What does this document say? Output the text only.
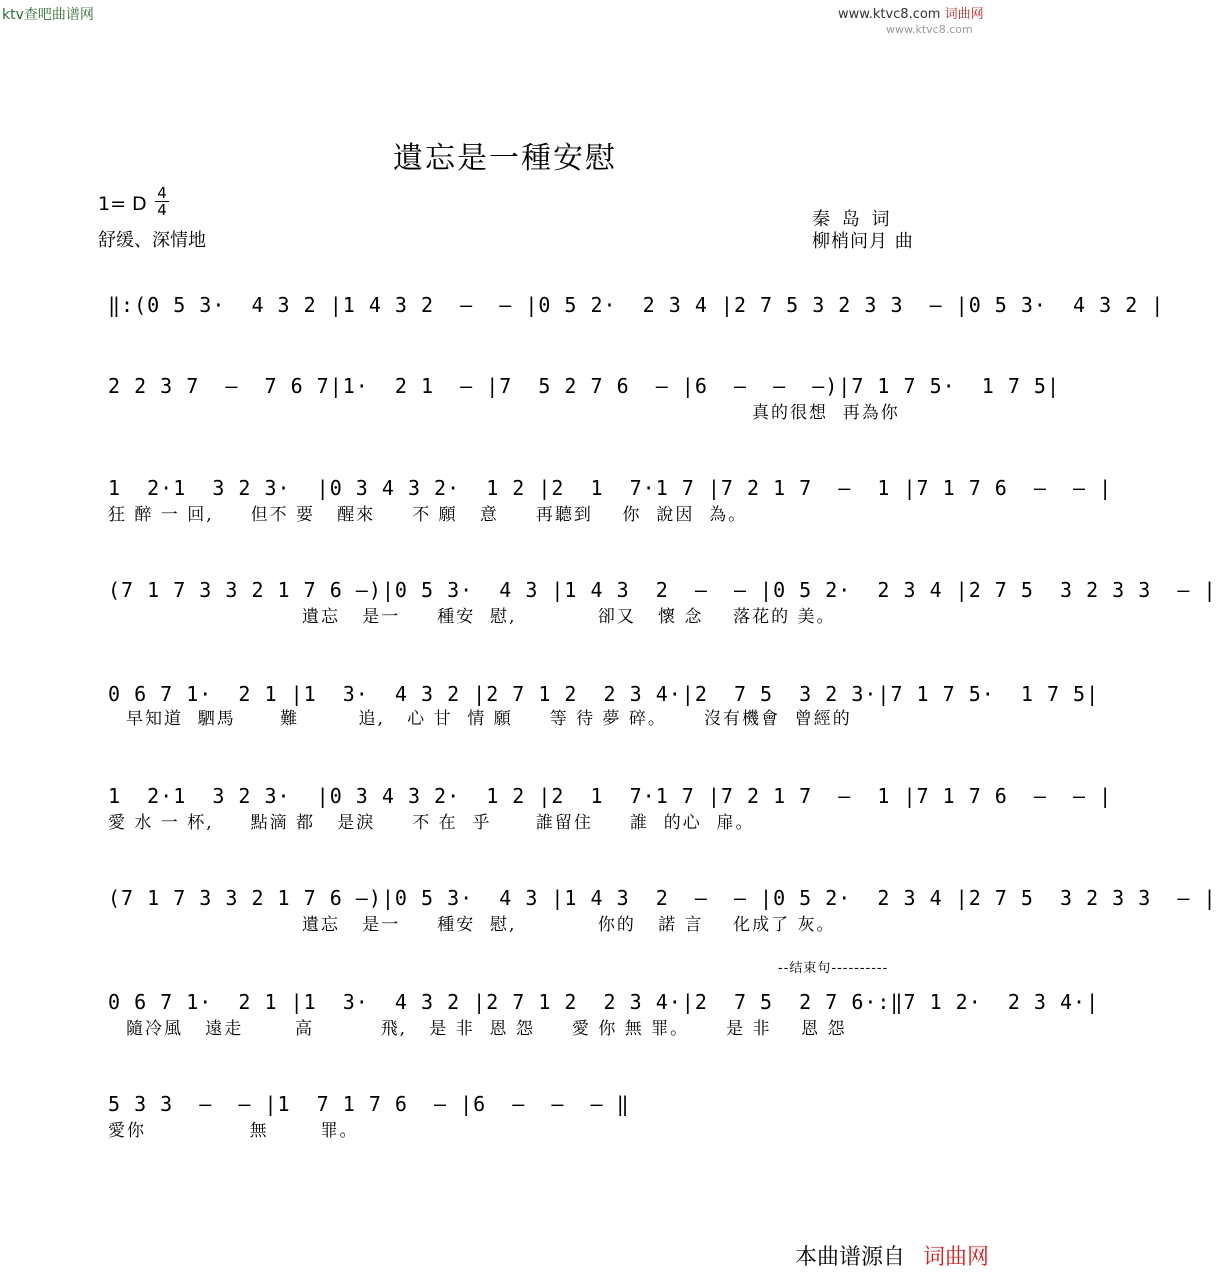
ktv查吧曲谱网	www.ktvc8.com 词曲网
www.ktvc8.com
遺忘是一種安慰
1= D 4
4
舒缓、深情地
秦 岛 词
柳梢问月 曲
‖:(0 5 3·  4 3 2 |1 4 3 2  —  — |0 5 2·  2 3 4 |2 7 5 3 2 3 3  — |0 5 3·  4 3 2 |
2 2 3 7  —  7 6 7|1·  2 1  — |7  5 2 7 6  — |6  —  —  —)|7 1 7 5·  1 7 5|
真的很想  再為你
1  2·1  3 2 3·  |0 3 4 3 2·  1 2 |2  1  7·1 7 |7 2 1 7  —  1 |7 1 7 6  —  — |
狂 醉 一 回,     但不 要   醒來     不 願   意     再聽到    你  說因  為。
(7 1 7 3 3 2 1 7 6 —)|0 5 3·  4 3 |1 4 3  2  —  — |0 5 2·  2 3 4 |2 7 5  3 2 3 3  — |
遺忘   是一     種安  慰,           卻又   懷 念    落花的 美。
0 6 7 1·  2 1 |1  3·  4 3 2 |2 7 1 2  2 3 4·|2  7 5  3 2 3·|7 1 7 5·  1 7 5|
早知道  駟馬      難        追,   心 甘  情 願     等 待 夢 碎。     沒有機會  曾經的
1  2·1  3 2 3·  |0 3 4 3 2·  1 2 |2  1  7·1 7 |7 2 1 7  —  1 |7 1 7 6  —  — |
愛 水 一 杯,     點滴 都   是淚     不 在  乎      誰留住     誰  的心  扉。
(7 1 7 3 3 2 1 7 6 —)|0 5 3·  4 3 |1 4 3  2  —  — |0 5 2·  2 3 4 |2 7 5  3 2 3 3  — |
遺忘   是一     種安  慰,           你的   諾 言    化成了 灰。
--结束句----------
0 6 7 1·  2 1 |1  3·  4 3 2 |2 7 1 2  2 3 4·|2  7 5  2 7 6·:‖7 1 2·  2 3 4·|
隨冷風   遠走       高         飛,   是 非  恩 怨     愛 你 無 罪。     是 非    恩 怨
5 3 3  —  — |1  7 1 7 6  — |6  —  —  — ‖
愛你              無       罪。
本曲谱源自 词曲网
